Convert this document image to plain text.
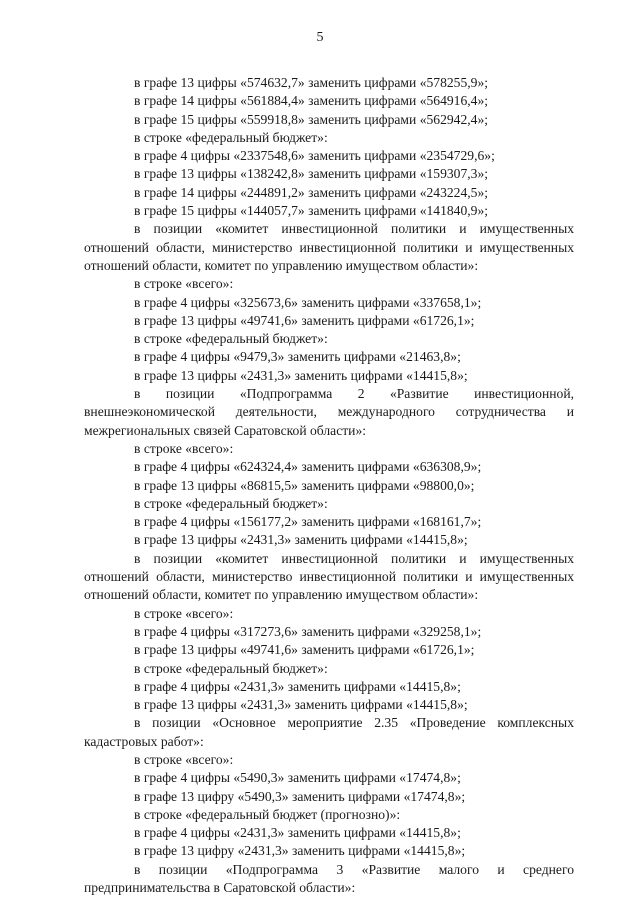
5

в графе 13 цифры «574632,7» заменить цифрами «578255,9»;

в графе 14 цифры «561884,4» заменить цифрами «564916,4»;

в графе 15 цифры «559918,8» заменить цифрами «562942,4»;

в строке «федеральный бюджет»:

в графе 4 цифры «2337548,6» заменить цифрами «2354729,6»;

в графе 13 цифры «138242,8» заменить цифрами «159307,3»;

в графе 14 цифры «244891,2» заменить цифрами «243224,5»;

в графе 15 цифры «144057,7» заменить цифрами «141840,9»;

в позиции «комитет инвестиционной политики и имущественных отношений области, министерство инвестиционной политики и имущественных отношений области, комитет по управлению имуществом области»:

в строке «всего»:

в графе 4 цифры «325673,6» заменить цифрами «337658,1»;

в графе 13 цифры «49741,6» заменить цифрами «61726,1»;

в строке «федеральный бюджет»:

в графе 4 цифры «9479,3» заменить цифрами «21463,8»;

в графе 13 цифры «2431,3» заменить цифрами «14415,8»;

в позиции «Подпрограмма 2 «Развитие инвестиционной, внешнеэкономической деятельности, международного сотрудничества и межрегиональных связей Саратовской области»:

в строке «всего»:

в графе 4 цифры «624324,4» заменить цифрами «636308,9»;

в графе 13 цифры «86815,5» заменить цифрами «98800,0»;

в строке «федеральный бюджет»:

в графе 4 цифры «156177,2» заменить цифрами «168161,7»;

в графе 13 цифры «2431,3» заменить цифрами «14415,8»;

в позиции «комитет инвестиционной политики и имущественных отношений области, министерство инвестиционной политики и имущественных отношений области, комитет по управлению имуществом области»:

в строке «всего»:

в графе 4 цифры «317273,6» заменить цифрами «329258,1»;

в графе 13 цифры «49741,6» заменить цифрами «61726,1»;

в строке «федеральный бюджет»:

в графе 4 цифры «2431,3» заменить цифрами «14415,8»;

в графе 13 цифры «2431,3» заменить цифрами «14415,8»;

в позиции «Основное мероприятие 2.35 «Проведение комплексных кадастровых работ»:

в строке «всего»:

в графе 4 цифры «5490,3» заменить цифрами «17474,8»;

в графе 13 цифру «5490,3» заменить цифрами «17474,8»;

в строке «федеральный бюджет (прогнозно)»:

в графе 4 цифры «2431,3» заменить цифрами «14415,8»;

в графе 13 цифру «2431,3» заменить цифрами «14415,8»;

в позиции «Подпрограмма 3 «Развитие малого и среднего предпринимательства в Саратовской области»:
